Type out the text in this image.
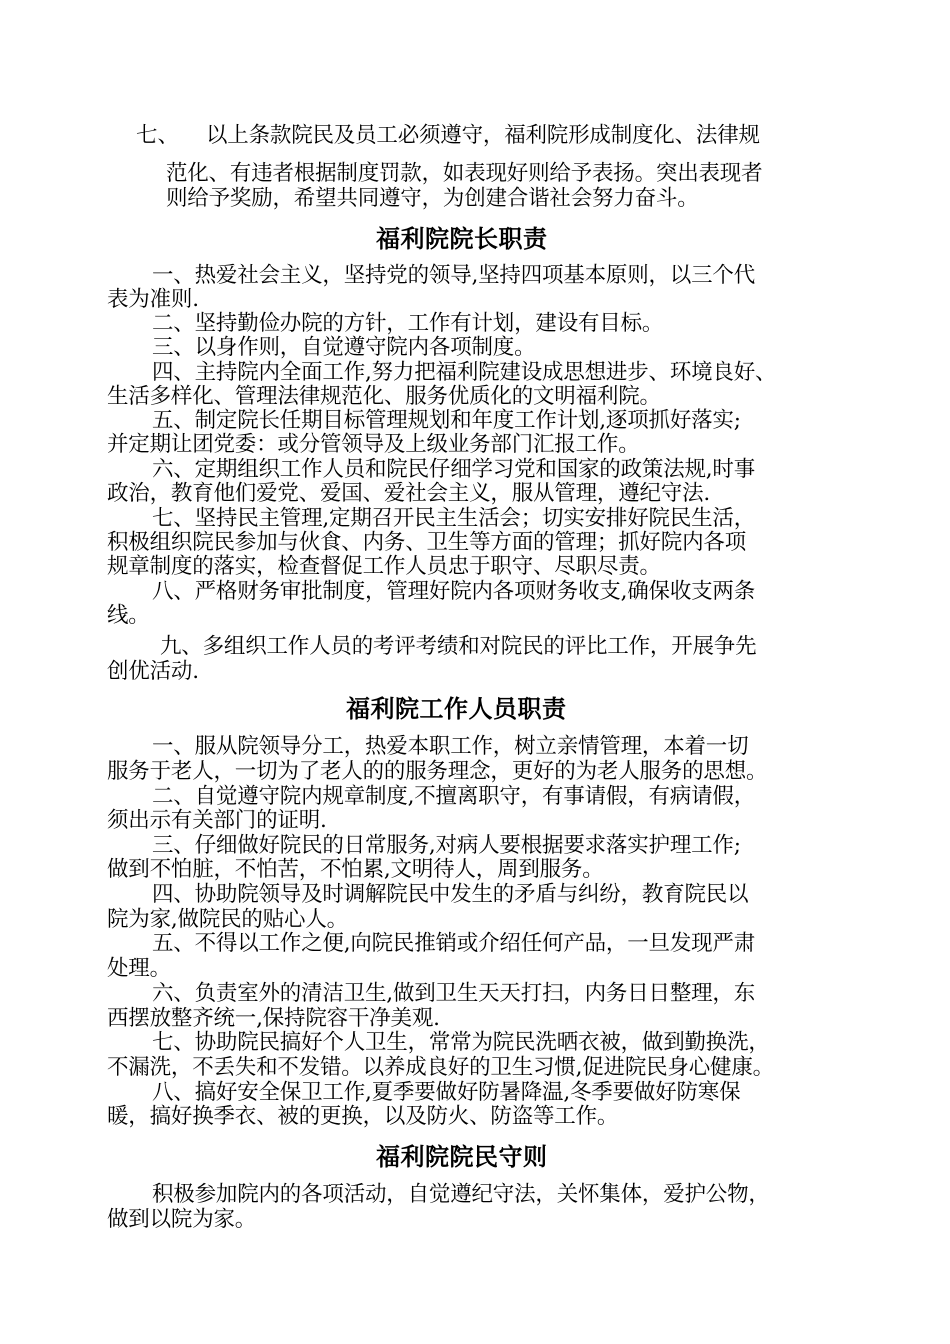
七、 以上条款院民及员工必须遵守，福利院形成制度化、法律规
范化、有违者根据制度罚款，如表现好则给予表扬。突出表现者
则给予奖励，希望共同遵守，为创建合谐社会努力奋斗。
福利院院长职责
一、热爱社会主义，坚持党的领导,坚持四项基本原则，以三个代
表为准则.
二、坚持勤俭办院的方针，工作有计划，建设有目标。
三、以身作则，自觉遵守院内各项制度。
四、主持院内全面工作,努力把福利院建设成思想进步、环境良好、
生活多样化、管理法律规范化、服务优质化的文明福利院。
五、制定院长任期目标管理规划和年度工作计划,逐项抓好落实;
并定期让团党委：或分管领导及上级业务部门汇报工作。
六、定期组织工作人员和院民仔细学习党和国家的政策法规,时事
政治，教育他们爱党、爱国、爱社会主义，服从管理，遵纪守法.
七、坚持民主管理,定期召开民主生活会；切实安排好院民生活，
积极组织院民参加与伙食、内务、卫生等方面的管理；抓好院内各项
规章制度的落实，检查督促工作人员忠于职守、尽职尽责。
八、严格财务审批制度，管理好院内各项财务收支,确保收支两条
线。
九、多组织工作人员的考评考绩和对院民的评比工作，开展争先
创优活动.
福利院工作人员职责
一、服从院领导分工，热爱本职工作，树立亲情管理，本着一切
服务于老人，一切为了老人的的服务理念，更好的为老人服务的思想。
二、自觉遵守院内规章制度,不擅离职守，有事请假，有病请假，
须出示有关部门的证明.
三、仔细做好院民的日常服务,对病人要根据要求落实护理工作;
做到不怕脏，不怕苦，不怕累,文明待人，周到服务。
四、协助院领导及时调解院民中发生的矛盾与纠纷，教育院民以
院为家,做院民的贴心人。
五、不得以工作之便,向院民推销或介绍任何产品，一旦发现严肃
处理。
六、负责室外的清洁卫生,做到卫生天天打扫，内务日日整理，东
西摆放整齐统一,保持院容干净美观.
七、协助院民搞好个人卫生，常常为院民洗晒衣被，做到勤换洗，
不漏洗，不丢失和不发错。以养成良好的卫生习惯,促进院民身心健康。
八、搞好安全保卫工作,夏季要做好防暑降温,冬季要做好防寒保
暖，搞好换季衣、被的更换，以及防火、防盗等工作。
福利院院民守则
积极参加院内的各项活动，自觉遵纪守法，关怀集体，爱护公物，
做到以院为家。
